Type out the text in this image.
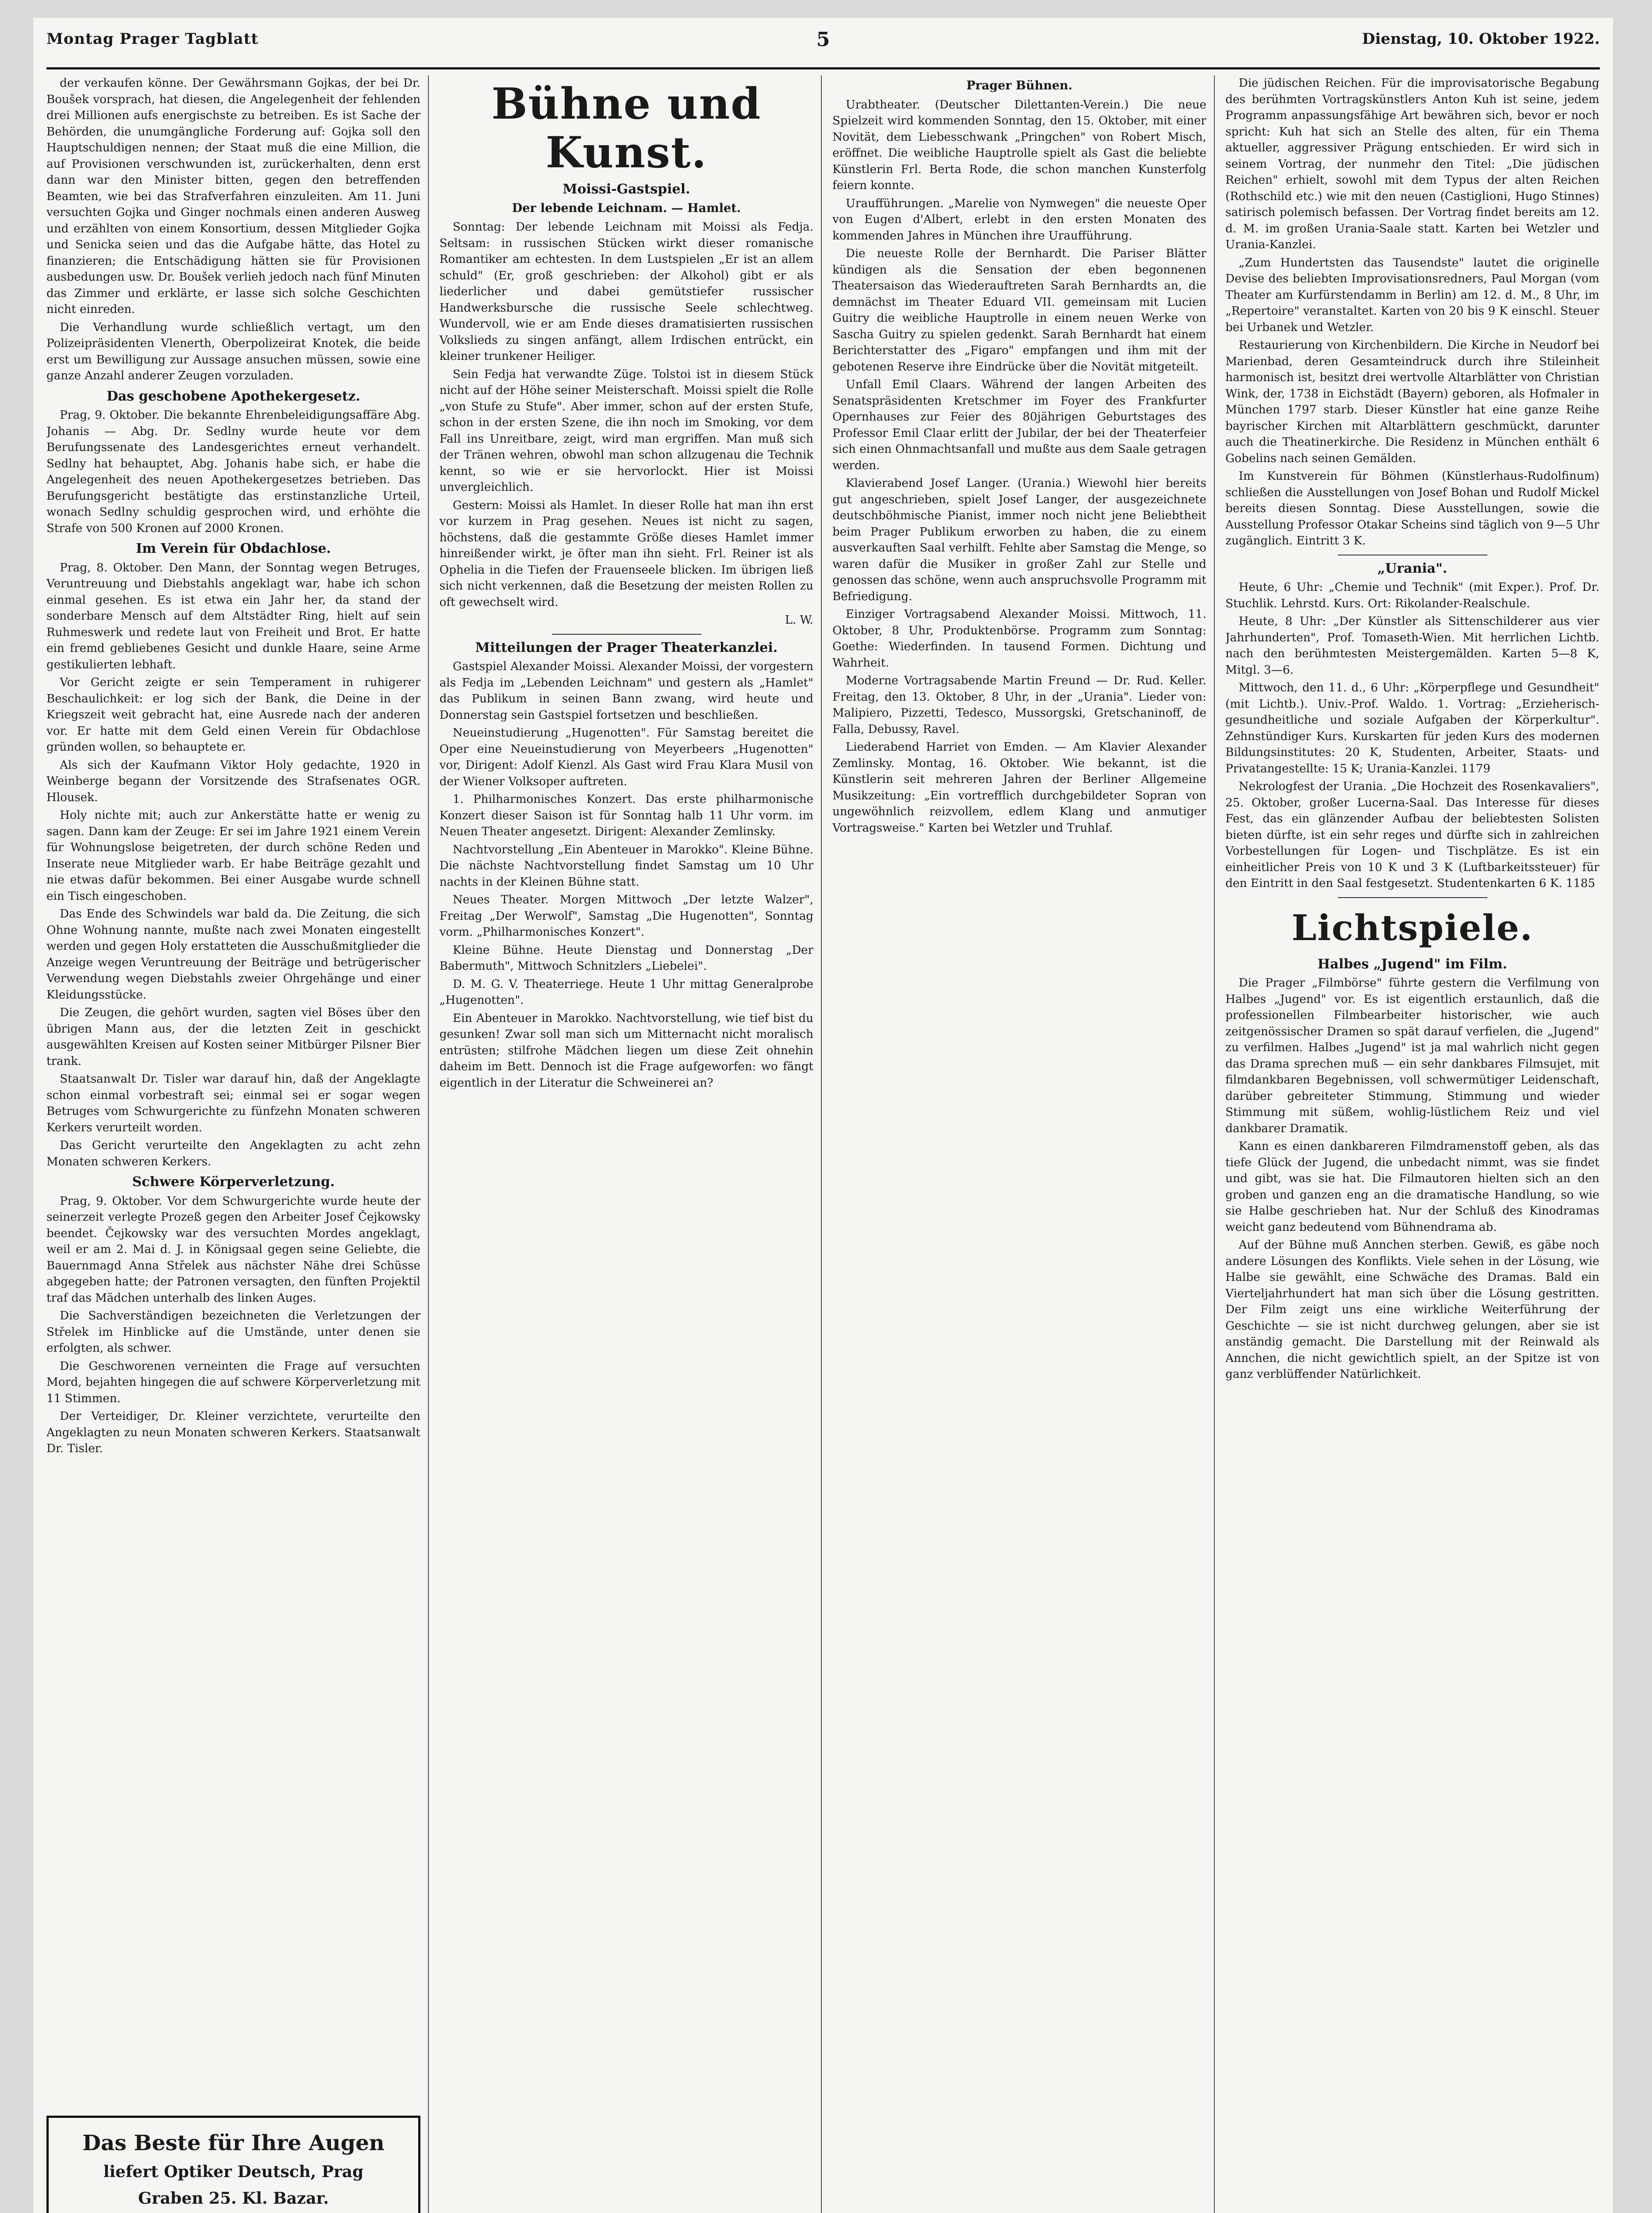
Montag Prager Tagblatt	5	Dienstag, 10. Oktober 1922.

der verkaufen könne. Der Gewährsmann Gojkas, der bei Dr. Boušek vorsprach, hat diesen, die Angelegenheit der fehlenden drei Millionen aufs energischste zu betreiben. Es ist Sache der Behörden, die unumgängliche Forderung auf: Gojka soll den Hauptschuldigen nennen; der Staat muß die eine Million, die auf Provisionen verschwunden ist, zurückerhalten, denn erst dann war den Minister bitten, gegen den betreffenden Beamten, wie bei das Strafverfahren einzuleiten. Am 11. Juni versuchten Gojka und Ginger nochmals einen anderen Ausweg und erzählten von einem Konsortium, dessen Mitglieder Gojka und Senicka seien und das die Aufgabe hätte, das Hotel zu finanzieren; die Entschädigung hätten sie für Provisionen ausbedungen usw. Dr. Boušek verlieh jedoch nach fünf Minuten das Zimmer und erklärte, er lasse sich solche Geschichten nicht einreden.

Die Verhandlung wurde schließlich vertagt, um den Polizeipräsidenten Vlenerth, Oberpolizeirat Knotek, die beide erst um Bewilligung zur Aussage ansuchen müssen, sowie eine ganze Anzahl anderer Zeugen vorzuladen.

Das geschobene Apothekergesetz.

Prag, 9. Oktober. Die bekannte Ehrenbeleidigungsaffäre Abg. Johanis — Abg. Dr. Sedlny wurde heute vor dem Berufungssenate des Landesgerichtes erneut verhandelt. Sedlny hat behauptet, Abg. Johanis habe sich, er habe die Angelegenheit des neuen Apothekergesetzes betrieben. Das Berufungsgericht bestätigte das erstinstanzliche Urteil, wonach Sedlny schuldig gesprochen wird, und erhöhte die Strafe von 500 Kronen auf 2000 Kronen.

Im Verein für Obdachlose.

Prag, 8. Oktober. Den Mann, der Sonntag wegen Betruges, Veruntreuung und Diebstahls angeklagt war, habe ich schon einmal gesehen. Es ist etwa ein Jahr her, da stand der sonderbare Mensch auf dem Altstädter Ring, hielt auf sein Ruhmeswerk und redete laut von Freiheit und Brot. Er hatte ein fremd gebliebenes Gesicht und dunkle Haare, seine Arme gestikulierten lebhaft.

Vor Gericht zeigte er sein Temperament in ruhigerer Beschaulichkeit: er log sich der Bank, die Deine in der Kriegszeit weit gebracht hat, eine Ausrede nach der anderen vor. Er hatte mit dem Geld einen Verein für Obdachlose gründen wollen, so behauptete er.

Als sich der Kaufmann Viktor Holy gedachte, 1920 in Weinberge begann der Vorsitzende des Strafsenates OGR. Hlousek.

Holy nichte mit; auch zur Ankerstätte hatte er wenig zu sagen. Dann kam der Zeuge: Er sei im Jahre 1921 einem Verein für Wohnungslose beigetreten, der durch schöne Reden und Inserate neue Mitglieder warb. Er habe Beiträge gezahlt und nie etwas dafür bekommen. Bei einer Ausgabe wurde schnell ein Tisch eingeschoben.

Das Ende des Schwindels war bald da. Die Zeitung, die sich Ohne Wohnung nannte, mußte nach zwei Monaten eingestellt werden und gegen Holy erstatteten die Ausschußmitglieder die Anzeige wegen Veruntreuung der Beiträge und betrügerischer Verwendung wegen Diebstahls zweier Ohrgehänge und einer Kleidungsstücke.

Die Zeugen, die gehört wurden, sagten viel Böses über den übrigen Mann aus, der die letzten Zeit in geschickt ausgewählten Kreisen auf Kosten seiner Mitbürger Pilsner Bier trank.

Staatsanwalt Dr. Tisler war darauf hin, daß der Angeklagte schon einmal vorbestraft sei; einmal sei er sogar wegen Betruges vom Schwurgerichte zu fünfzehn Monaten schweren Kerkers verurteilt worden.

Das Gericht verurteilte den Angeklagten zu acht zehn Monaten schweren Kerkers.

Schwere Körperverletzung.

Prag, 9. Oktober. Vor dem Schwurgerichte wurde heute der seinerzeit verlegte Prozeß gegen den Arbeiter Josef Čejkowsky beendet. Čejkowsky war des versuchten Mordes angeklagt, weil er am 2. Mai d. J. in Königsaal gegen seine Geliebte, die Bauernmagd Anna Střelek aus nächster Nähe drei Schüsse abgegeben hatte; der Patronen versagten, den fünften Projektil traf das Mädchen unterhalb des linken Auges.

Die Sachverständigen bezeichneten die Verletzungen der Střelek im Hinblicke auf die Umstände, unter denen sie erfolgten, als schwer.

Die Geschworenen verneinten die Frage auf versuchten Mord, bejahten hingegen die auf schwere Körperverletzung mit 11 Stimmen.

Der Verteidiger, Dr. Kleiner verzichtete, verurteilte den Angeklagten zu neun Monaten schweren Kerkers. Staatsanwalt Dr. Tisler.

Das Beste für Ihre Augen
liefert Optiker Deutsch, Prag
Graben 25. Kl. Bazar.
Bühne und Kunst.
Moissi-Gastspiel.
Der lebende Leichnam. — Hamlet.

Sonntag: Der lebende Leichnam mit Moissi als Fedja. Seltsam: in russischen Stücken wirkt dieser romanische Romantiker am echtesten. In dem Lustspielen „Er ist an allem schuld" (Er, groß geschrieben: der Alkohol) gibt er als liederlicher und dabei gemütstiefer russischer Handwerksbursche die russische Seele schlechtweg. Wundervoll, wie er am Ende dieses dramatisierten russischen Volkslieds zu singen anfängt, allem Irdischen entrückt, ein kleiner trunkener Heiliger.

Sein Fedja hat verwandte Züge. Tolstoi ist in diesem Stück nicht auf der Höhe seiner Meisterschaft. Moissi spielt die Rolle „von Stufe zu Stufe". Aber immer, schon auf der ersten Stufe, schon in der ersten Szene, die ihn noch im Smoking, vor dem Fall ins Unreitbare, zeigt, wird man ergriffen. Man muß sich der Tränen wehren, obwohl man schon allzugenau die Technik kennt, so wie er sie hervorlockt. Hier ist Moissi unvergleichlich.

Gestern: Moissi als Hamlet. In dieser Rolle hat man ihn erst vor kurzem in Prag gesehen. Neues ist nicht zu sagen, höchstens, daß die gestammte Größe dieses Hamlet immer hinreißender wirkt, je öfter man ihn sieht. Frl. Reiner ist als Ophelia in die Tiefen der Frauenseele blicken. Im übrigen ließ sich nicht verkennen, daß die Besetzung der meisten Rollen zu oft gewechselt wird.

L. W.

Mitteilungen der Prager Theaterkanzlei.

Gastspiel Alexander Moissi. Alexander Moissi, der vorgestern als Fedja im „Lebenden Leichnam" und gestern als „Hamlet" das Publikum in seinen Bann zwang, wird heute und Donnerstag sein Gastspiel fortsetzen und beschließen.

Neueinstudierung „Hugenotten". Für Samstag bereitet die Oper eine Neueinstudierung von Meyerbeers „Hugenotten" vor, Dirigent: Adolf Kienzl. Als Gast wird Frau Klara Musil von der Wiener Volksoper auftreten.

1. Philharmonisches Konzert. Das erste philharmonische Konzert dieser Saison ist für Sonntag halb 11 Uhr vorm. im Neuen Theater angesetzt. Dirigent: Alexander Zemlinsky.

Nachtvorstellung „Ein Abenteuer in Marokko". Kleine Bühne. Die nächste Nachtvorstellung findet Samstag um 10 Uhr nachts in der Kleinen Bühne statt.

Neues Theater. Morgen Mittwoch „Der letzte Walzer", Freitag „Der Werwolf", Samstag „Die Hugenotten", Sonntag vorm. „Philharmonisches Konzert".

Kleine Bühne. Heute Dienstag und Donnerstag „Der Babermuth", Mittwoch Schnitzlers „Liebelei".

D. M. G. V. Theaterriege. Heute 1 Uhr mittag Generalprobe „Hugenotten".

Ein Abenteuer in Marokko. Nachtvorstellung, wie tief bist du gesunken! Zwar soll man sich um Mitternacht nicht moralisch entrüsten; stilfrohe Mädchen liegen um diese Zeit ohnehin daheim im Bett. Dennoch ist die Frage aufgeworfen: wo fängt eigentlich in der Literatur die Schweinerei an?

Prager Bühnen.

Urabtheater. (Deutscher Dilettanten-Verein.) Die neue Spielzeit wird kommenden Sonntag, den 15. Oktober, mit einer Novität, dem Liebesschwank „Pringchen" von Robert Misch, eröffnet. Die weibliche Hauptrolle spielt als Gast die beliebte Künstlerin Frl. Berta Rode, die schon manchen Kunsterfolg feiern konnte.

Uraufführungen. „Marelie von Nymwegen" die neueste Oper von Eugen d'Albert, erlebt in den ersten Monaten des kommenden Jahres in München ihre Uraufführung.

Die neueste Rolle der Bernhardt. Die Pariser Blätter kündigen als die Sensation der eben begonnenen Theatersaison das Wiederauftreten Sarah Bernhardts an, die demnächst im Theater Eduard VII. gemeinsam mit Lucien Guitry die weibliche Hauptrolle in einem neuen Werke von Sascha Guitry zu spielen gedenkt. Sarah Bernhardt hat einem Berichterstatter des „Figaro" empfangen und ihm mit der gebotenen Reserve ihre Eindrücke über die Novität mitgeteilt.

Unfall Emil Claars. Während der langen Arbeiten des Senatspräsidenten Kretschmer im Foyer des Frankfurter Opernhauses zur Feier des 80jährigen Geburtstages des Professor Emil Claar erlitt der Jubilar, der bei der Theaterfeier sich einen Ohnmachtsanfall und mußte aus dem Saale getragen werden.

Klavierabend Josef Langer. (Urania.) Wiewohl hier bereits gut angeschrieben, spielt Josef Langer, der ausgezeichnete deutschböhmische Pianist, immer noch nicht jene Beliebtheit beim Prager Publikum erworben zu haben, die zu einem ausverkauften Saal verhilft. Fehlte aber Samstag die Menge, so waren dafür die Musiker in großer Zahl zur Stelle und genossen das schöne, wenn auch anspruchsvolle Programm mit Befriedigung.

Einziger Vortragsabend Alexander Moissi. Mittwoch, 11. Oktober, 8 Uhr, Produktenbörse. Programm zum Sonntag: Goethe: Wiederfinden. In tausend Formen. Dichtung und Wahrheit.

Moderne Vortragsabende Martin Freund — Dr. Rud. Keller. Freitag, den 13. Oktober, 8 Uhr, in der „Urania". Lieder von: Malipiero, Pizzetti, Tedesco, Mussorgski, Gretschaninoff, de Falla, Debussy, Ravel.

Liederabend Harriet von Emden. — Am Klavier Alexander Zemlinsky. Montag, 16. Oktober. Wie bekannt, ist die Künstlerin seit mehreren Jahren der Berliner Allgemeine Musikzeitung: „Ein vortrefflich durchgebildeter Sopran von ungewöhnlich reizvollem, edlem Klang und anmutiger Vortragsweise." Karten bei Wetzler und Truhlaf.

Die jüdischen Reichen. Für die improvisatorische Begabung des berühmten Vortragskünstlers Anton Kuh ist seine, jedem Programm anpassungsfähige Art bewähren sich, bevor er noch spricht: Kuh hat sich an Stelle des alten, für ein Thema aktueller, aggressiver Prägung entschieden. Er wird sich in seinem Vortrag, der nunmehr den Titel: „Die jüdischen Reichen" erhielt, sowohl mit dem Typus der alten Reichen (Rothschild etc.) wie mit den neuen (Castiglioni, Hugo Stinnes) satirisch polemisch befassen. Der Vortrag findet bereits am 12. d. M. im großen Urania-Saale statt. Karten bei Wetzler und Urania-Kanzlei.

„Zum Hundertsten das Tausendste" lautet die originelle Devise des beliebten Improvisationsredners, Paul Morgan (vom Theater am Kurfürstendamm in Berlin) am 12. d. M., 8 Uhr, im „Repertoire" veranstaltet. Karten von 20 bis 9 K einschl. Steuer bei Urbanek und Wetzler.

Restaurierung von Kirchenbildern. Die Kirche in Neudorf bei Marienbad, deren Gesamteindruck durch ihre Stileinheit harmonisch ist, besitzt drei wertvolle Altarblätter von Christian Wink, der, 1738 in Eichstädt (Bayern) geboren, als Hofmaler in München 1797 starb. Dieser Künstler hat eine ganze Reihe bayrischer Kirchen mit Altarblättern geschmückt, darunter auch die Theatinerkirche. Die Residenz in München enthält 6 Gobelins nach seinen Gemälden.

Im Kunstverein für Böhmen (Künstlerhaus-Rudolfinum) schließen die Ausstellungen von Josef Bohan und Rudolf Mickel bereits diesen Sonntag. Diese Ausstellungen, sowie die Ausstellung Professor Otakar Scheins sind täglich von 9—5 Uhr zugänglich. Eintritt 3 K.

„Urania".

Heute, 6 Uhr: „Chemie und Technik" (mit Exper.). Prof. Dr. Stuchlik. Lehrstd. Kurs. Ort: Rikolander-Realschule.

Heute, 8 Uhr: „Der Künstler als Sittenschilderer aus vier Jahrhunderten", Prof. Tomaseth-Wien. Mit herrlichen Lichtb. nach den berühmtesten Meistergemälden. Karten 5—8 K, Mitgl. 3—6.

Mittwoch, den 11. d., 6 Uhr: „Körperpflege und Gesundheit" (mit Lichtb.). Univ.-Prof. Waldo. 1. Vortrag: „Erzieherisch-gesundheitliche und soziale Aufgaben der Körperkultur". Zehnstündiger Kurs. Kurskarten für jeden Kurs des modernen Bildungsinstitutes: 20 K, Studenten, Arbeiter, Staats- und Privatangestellte: 15 K; Urania-Kanzlei. 1179

Nekrologfest der Urania. „Die Hochzeit des Rosenkavaliers", 25. Oktober, großer Lucerna-Saal. Das Interesse für dieses Fest, das ein glänzender Aufbau der beliebtesten Solisten bieten dürfte, ist ein sehr reges und dürfte sich in zahlreichen Vorbestellungen für Logen- und Tischplätze. Es ist ein einheitlicher Preis von 10 K und 3 K (Luftbarkeitssteuer) für den Eintritt in den Saal festgesetzt. Studentenkarten 6 K. 1185

Lichtspiele.
Halbes „Jugend" im Film.

Die Prager „Filmbörse" führte gestern die Verfilmung von Halbes „Jugend" vor. Es ist eigentlich erstaunlich, daß die professionellen Filmbearbeiter historischer, wie auch zeitgenössischer Dramen so spät darauf verfielen, die „Jugend" zu verfilmen. Halbes „Jugend" ist ja mal wahrlich nicht gegen das Drama sprechen muß — ein sehr dankbares Filmsujet, mit filmdankbaren Begebnissen, voll schwermütiger Leidenschaft, darüber gebreiteter Stimmung, Stimmung und wieder Stimmung mit süßem, wohlig-lüstlichem Reiz und viel dankbarer Dramatik.

Kann es einen dankbareren Filmdramenstoff geben, als das tiefe Glück der Jugend, die unbedacht nimmt, was sie findet und gibt, was sie hat. Die Filmautoren hielten sich an den groben und ganzen eng an die dramatische Handlung, so wie sie Halbe geschrieben hat. Nur der Schluß des Kinodramas weicht ganz bedeutend vom Bühnendrama ab.

Auf der Bühne muß Annchen sterben. Gewiß, es gäbe noch andere Lösungen des Konflikts. Viele sehen in der Lösung, wie Halbe sie gewählt, eine Schwäche des Dramas. Bald ein Vierteljahrhundert hat man sich über die Lösung gestritten. Der Film zeigt uns eine wirkliche Weiterführung der Geschichte — sie ist nicht durchweg gelungen, aber sie ist anständig gemacht. Die Darstellung mit der Reinwald als Annchen, die nicht gewichtlich spielt, an der Spitze ist von ganz verblüffender Natürlichkeit.
